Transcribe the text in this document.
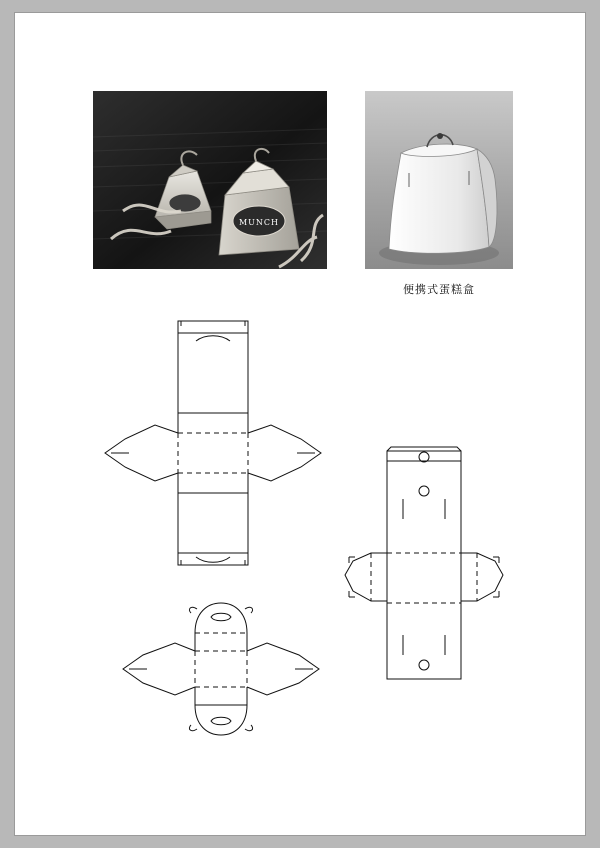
MUNCH
便携式蛋糕盒
